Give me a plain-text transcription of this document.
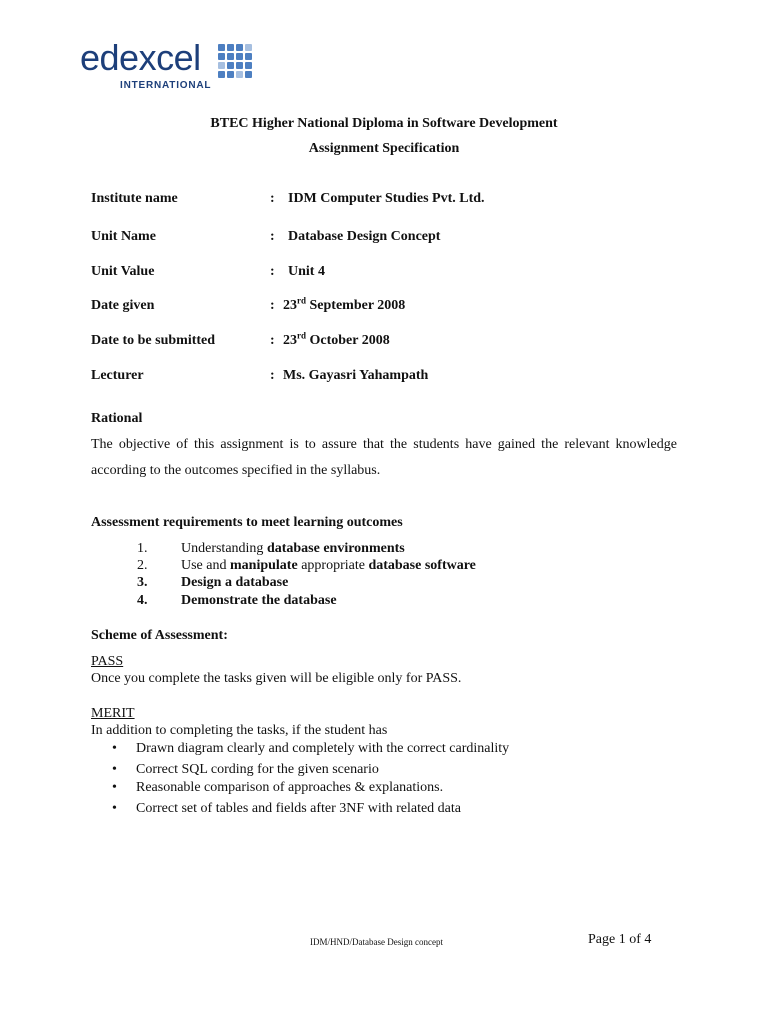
edexcel
INTERNATIONAL
BTEC Higher National Diploma in Software Development
Assignment Specification
Institute name	: IDM Computer Studies Pvt. Ltd.
Unit Name	: Database Design Concept
Unit Value	: Unit 4
Date given	: 23rd September 2008
Date to be submitted	: 23rd October 2008
Lecturer	: Ms. Gayasri Yahampath
Rational
The objective of this assignment is to assure that the students have gained the relevant knowledge according to the outcomes specified in the syllabus.
Assessment requirements to meet learning outcomes
1. Understanding database environments
2. Use and manipulate appropriate database software
3. Design a database
4. Demonstrate the database
Scheme of Assessment:
PASS
Once you complete the tasks given will be eligible only for PASS.
MERIT
In addition to completing the tasks, if the student has
• Drawn diagram clearly and completely with the correct cardinality
• Correct SQL cording for the given scenario
• Reasonable comparison of approaches & explanations.
• Correct set of tables and fields after 3NF with related data
IDM/HND/Database Design concept	Page 1 of 4
